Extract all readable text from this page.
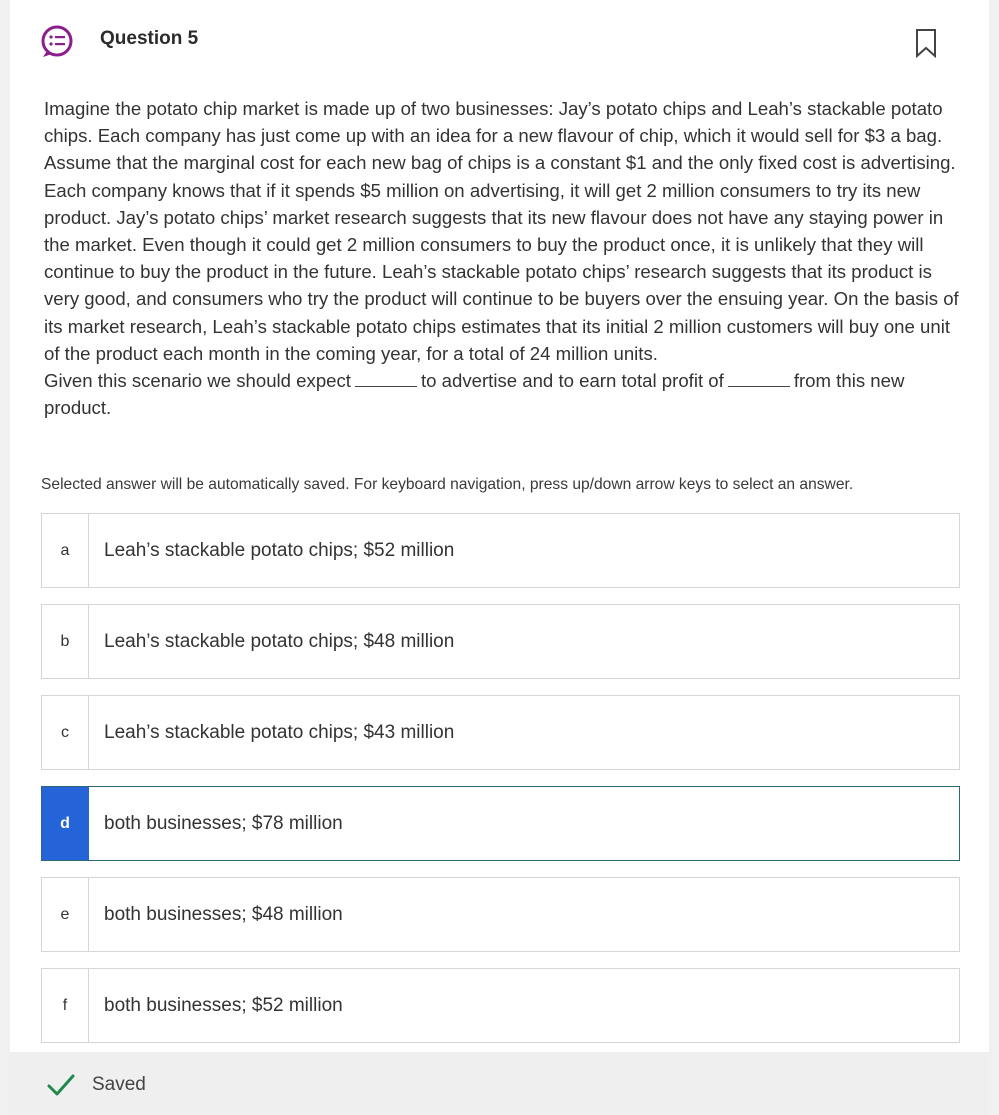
Question 5

Imagine the potato chip market is made up of two businesses: Jay’s potato chips and Leah’s stackable potato chips. Each company has just come up with an idea for a new flavour of chip, which it would sell for $3 a bag. Assume that the marginal cost for each new bag of chips is a constant $1 and the only fixed cost is advertising. Each company knows that if it spends $5 million on advertising, it will get 2 million consumers to try its new product. Jay’s potato chips’ market research suggests that its new flavour does not have any staying power in the market. Even though it could get 2 million consumers to buy the product once, it is unlikely that they will continue to buy the product in the future. Leah’s stackable potato chips’ research suggests that its product is very good, and consumers who try the product will continue to be buyers over the ensuing year. On the basis of its market research, Leah’s stackable potato chips estimates that its initial 2 million customers will buy one unit of the product each month in the coming year, for a total of 24 million units.

Given this scenario we should expect	to advertise and to earn total profit of	from this new product.

Selected answer will be automatically saved. For keyboard navigation, press up/down arrow keys to select an answer.
a	Leah’s stackable potato chips; $52 million
b	Leah’s stackable potato chips; $48 million
c	Leah’s stackable potato chips; $43 million
d	both businesses; $78 million
e	both businesses; $48 million
f	both businesses; $52 million
Saved
